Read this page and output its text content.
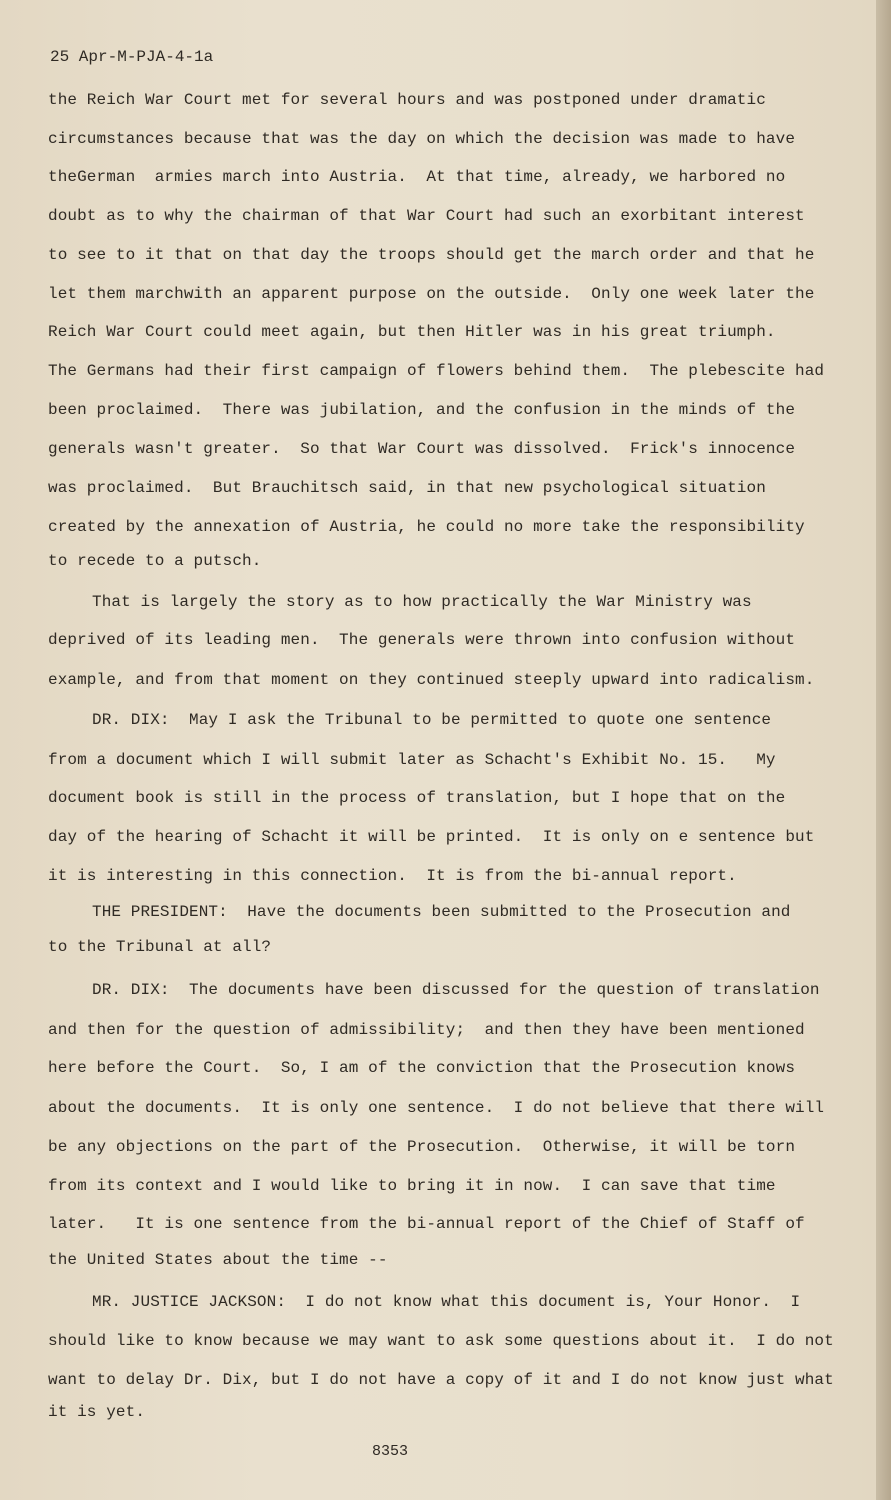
25 Apr-M-PJA-4-1a
the Reich War Court met for several hours and was postponed under dramatic
circumstances because that was the day on which the decision was made to have
theGerman  armies march into Austria.  At that time, already, we harbored no
doubt as to why the chairman of that War Court had such an exorbitant interest
to see to it that on that day the troops should get the march order and that he
let them marchwith an apparent purpose on the outside.  Only one week later the
Reich War Court could meet again, but then Hitler was in his great triumph.
The Germans had their first campaign of flowers behind them.  The plebescite had
been proclaimed.  There was jubilation, and the confusion in the minds of the
generals wasn't greater.  So that War Court was dissolved.  Frick's innocence
was proclaimed.  But Brauchitsch said, in that new psychological situation
created by the annexation of Austria, he could no more take the responsibility
to recede to a putsch.
That is largely the story as to how practically the War Ministry was
deprived of its leading men.  The generals were thrown into confusion without
example, and from that moment on they continued steeply upward into radicalism.
DR. DIX:  May I ask the Tribunal to be permitted to quote one sentence
from a document which I will submit later as Schacht's Exhibit No. 15.   My
document book is still in the process of translation, but I hope that on the
day of the hearing of Schacht it will be printed.  It is only on e sentence but
it is interesting in this connection.  It is from the bi-annual report.
THE PRESIDENT:  Have the documents been submitted to the Prosecution and
to the Tribunal at all?
DR. DIX:  The documents have been discussed for the question of translation
and then for the question of admissibility;  and then they have been mentioned
here before the Court.  So, I am of the conviction that the Prosecution knows
about the documents.  It is only one sentence.  I do not believe that there will
be any objections on the part of the Prosecution.  Otherwise, it will be torn
from its context and I would like to bring it in now.  I can save that time
later.   It is one sentence from the bi-annual report of the Chief of Staff of
the United States about the time --
MR. JUSTICE JACKSON:  I do not know what this document is, Your Honor.  I
should like to know because we may want to ask some questions about it.  I do not
want to delay Dr. Dix, but I do not have a copy of it and I do not know just what
it is yet.
8353
